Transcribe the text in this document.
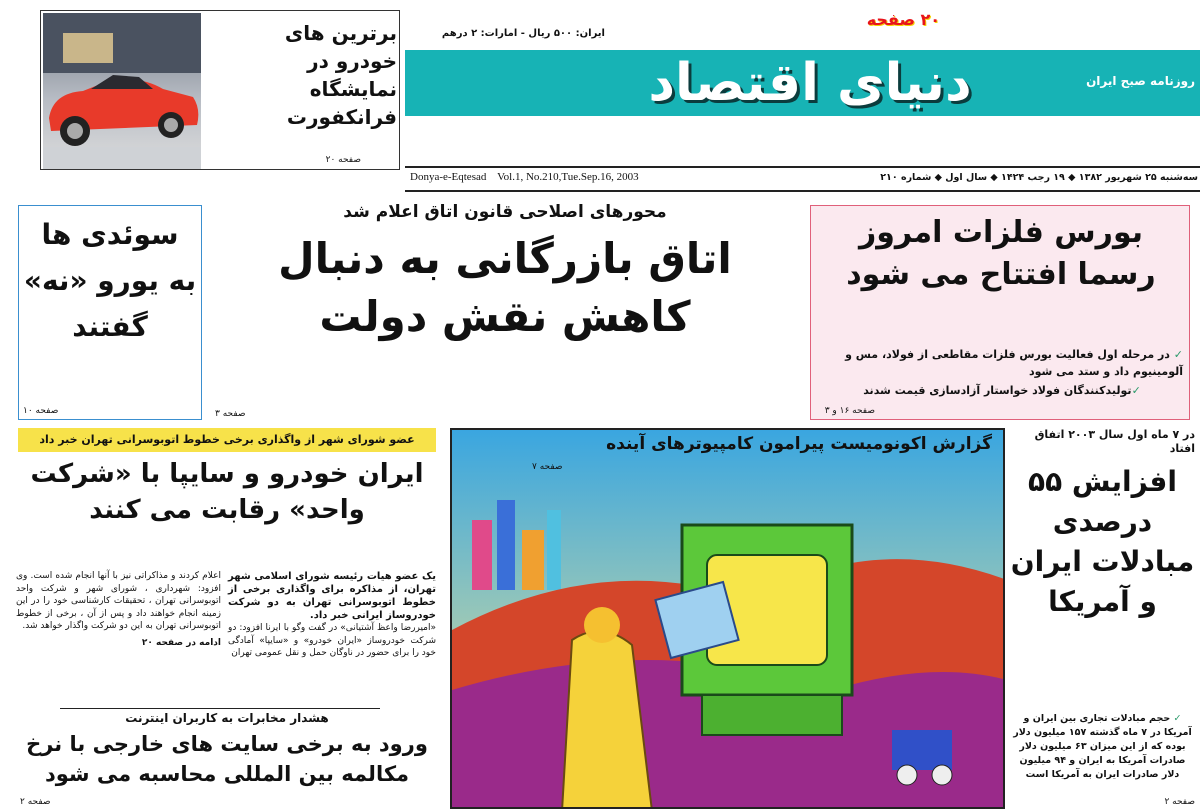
برترین های خودرو در نمایشگاه فرانکفورت
صفحه ۲۰
دنیای اقتصاد	روزنامه صبح ایران
۲۰ صفحه
ایران: ۵۰۰ ریال - امارات: ۲ درهم
Donya-e-Eqtesad    Vol.1, No.210,Tue.Sep.16, 2003	سه‌شنبه ۲۵ شهریور ۱۳۸۲ ◆ ۱۹ رجب ۱۴۲۴ ◆ سال اول ◆ شماره ۲۱۰
سوئدی ها به یورو «نه» گفتند
صفحه ۱۰
محورهای اصلاحی قانون اتاق اعلام شد
اتاق بازرگانی به دنبال کاهش نقش دولت
صفحه ۳
بورس فلزات امروز رسما افتتاح می شود
✓ در مرحله اول فعالیت بورس فلزات مقاطعی از فولاد، مس و آلومینیوم داد و ستد می شود
✓تولیدکنندگان فولاد خواستار آزادسازی قیمت شدند
صفحه ۱۶ و ۳
عضو شورای شهر از واگذاری برخی خطوط اتوبوسرانی تهران خبر داد
ایران خودرو و سایپا با «شرکت واحد» رقابت می کنند
یک عضو هیات رئیسه شورای اسلامی شهر تهران، از مذاکره برای واگذاری برخی از خطوط اتوبوسرانی تهران به دو شرکت خودروساز ایرانی خبر داد.
«امیررضا واعظ آشتیانی» در گفت وگو با ایرنا افزود: دو شرکت خودروساز «ایران خودرو» و «سایپا» آمادگی خود را برای حضور در ناوگان حمل و نقل عمومی تهران
اعلام کردند و مذاکراتی نیز با آنها انجام شده است. وی افزود: شهرداری ، شورای شهر و شرکت واحد اتوبوسرانی تهران ، تحقیقات کارشناسی خود را در این زمینه انجام خواهند داد و پس از آن ، برخی از خطوط اتوبوسرانی تهران به این دو شرکت واگذار خواهد شد.
ادامه در صفحه ۲۰
هشدار مخابرات به کاربران اینترنت
ورود به برخی سایت های خارجی با نرخ مکالمه بین المللی محاسبه می شود
صفحه ۲
گزارش اکونومیست پیرامون کامپیوترهای آینده
صفحه ۷
در ۷ ماه اول سال ۲۰۰۳ اتفاق افتاد
افزایش ۵۵ درصدی مبادلات ایران و آمریکا
✓ حجم مبادلات تجاری بین ایران و آمریکا در ۷ ماه گذشته ۱۵۷ میلیون دلار بوده که از این میزان ۶۳ میلیون دلار صادرات آمریکا به ایران و ۹۴ میلیون دلار صادرات ایران به آمریکا است
صفحه ۲
